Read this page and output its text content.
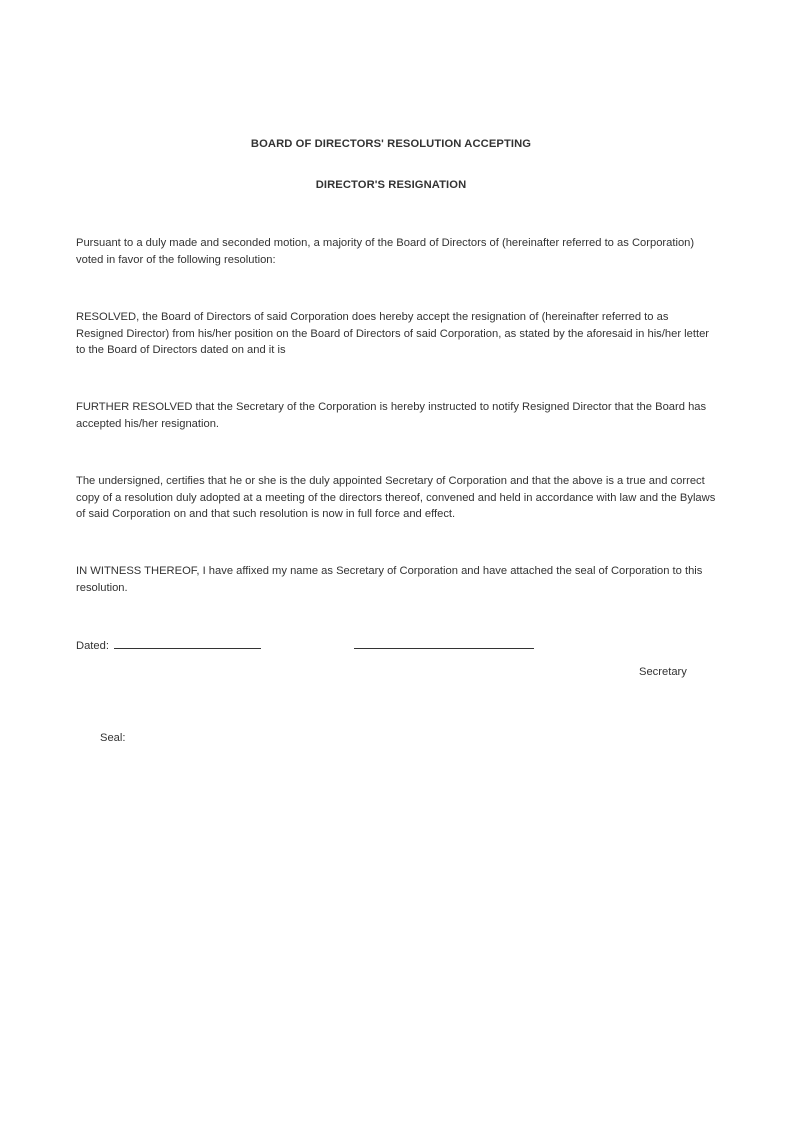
BOARD OF DIRECTORS' RESOLUTION ACCEPTING
DIRECTOR'S RESIGNATION
Pursuant to a duly made and seconded motion, a majority of the Board of Directors of (hereinafter referred to as Corporation) voted in favor of the following resolution:
RESOLVED, the Board of Directors of said Corporation does hereby accept the resignation of (hereinafter referred to as Resigned Director) from his/her position on the Board of Directors of said Corporation, as stated by the aforesaid in his/her letter to the Board of Directors dated on and it is
FURTHER RESOLVED that the Secretary of the Corporation is hereby instructed to notify Resigned Director that the Board has accepted his/her resignation.
The undersigned, certifies that he or she is the duly appointed Secretary of Corporation and that the above is a true and correct copy of a resolution duly adopted at a meeting of the directors thereof, convened and held in accordance with law and the Bylaws of said Corporation on and that such resolution is now in full force and effect.
IN WITNESS THEREOF, I have affixed my name as Secretary of Corporation and have attached the seal of Corporation to this resolution.
Dated:
Secretary
Seal:
